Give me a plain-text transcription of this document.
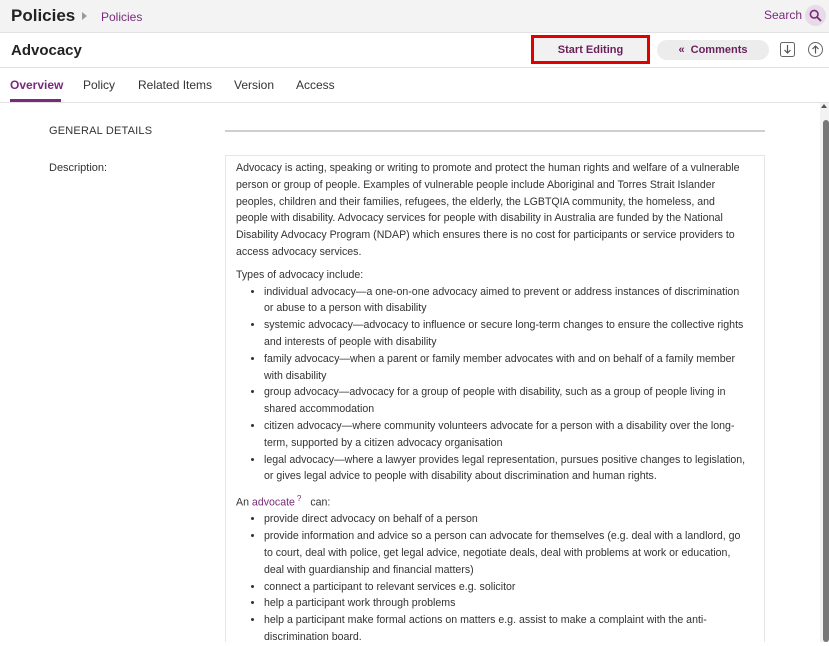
Policies Policies	Search
Advocacy	Start Editing	« Comments
Overview Policy Related Items Version Access
GENERAL DETAILS
Description:	Advocacy is acting, speaking or writing to promote and protect the human rights and welfare of a vulnerable person or group of people. Examples of vulnerable people include Aboriginal and Torres Strait Islander peoples, children and their families, refugees, the elderly, the LGBTQIA community, the homeless, and people with disability. Advocacy services for people with disability in Australia are funded by the National Disability Advocacy Program (NDAP) which ensures there is no cost for participants or service providers to access advocacy services.

Types of advocacy include:

• individual advocacy—a one-on-one advocacy aimed to prevent or address instances of discrimination or abuse to a person with disability
• systemic advocacy—advocacy to influence or secure long-term changes to ensure the collective rights and interests of people with disability
• family advocacy—when a parent or family member advocates with and on behalf of a family member with disability
• group advocacy—advocacy for a group of people with disability, such as a group of people living in shared accommodation
• citizen advocacy—where community volunteers advocate for a person with a disability over the long-term, supported by a citizen advocacy organisation
• legal advocacy—where a lawyer provides legal representation, pursues positive changes to legislation, or gives legal advice to people with disability about discrimination and human rights.

An advocate ? can:

• provide direct advocacy on behalf of a person
• provide information and advice so a person can advocate for themselves (e.g. deal with a landlord, go to court, deal with police, get legal advice, negotiate deals, deal with problems at work or education, deal with guardianship and financial matters)
• connect a participant to relevant services e.g. solicitor
• help a participant work through problems
• help a participant make formal actions on matters e.g. assist to make a complaint with the anti-discrimination board.
